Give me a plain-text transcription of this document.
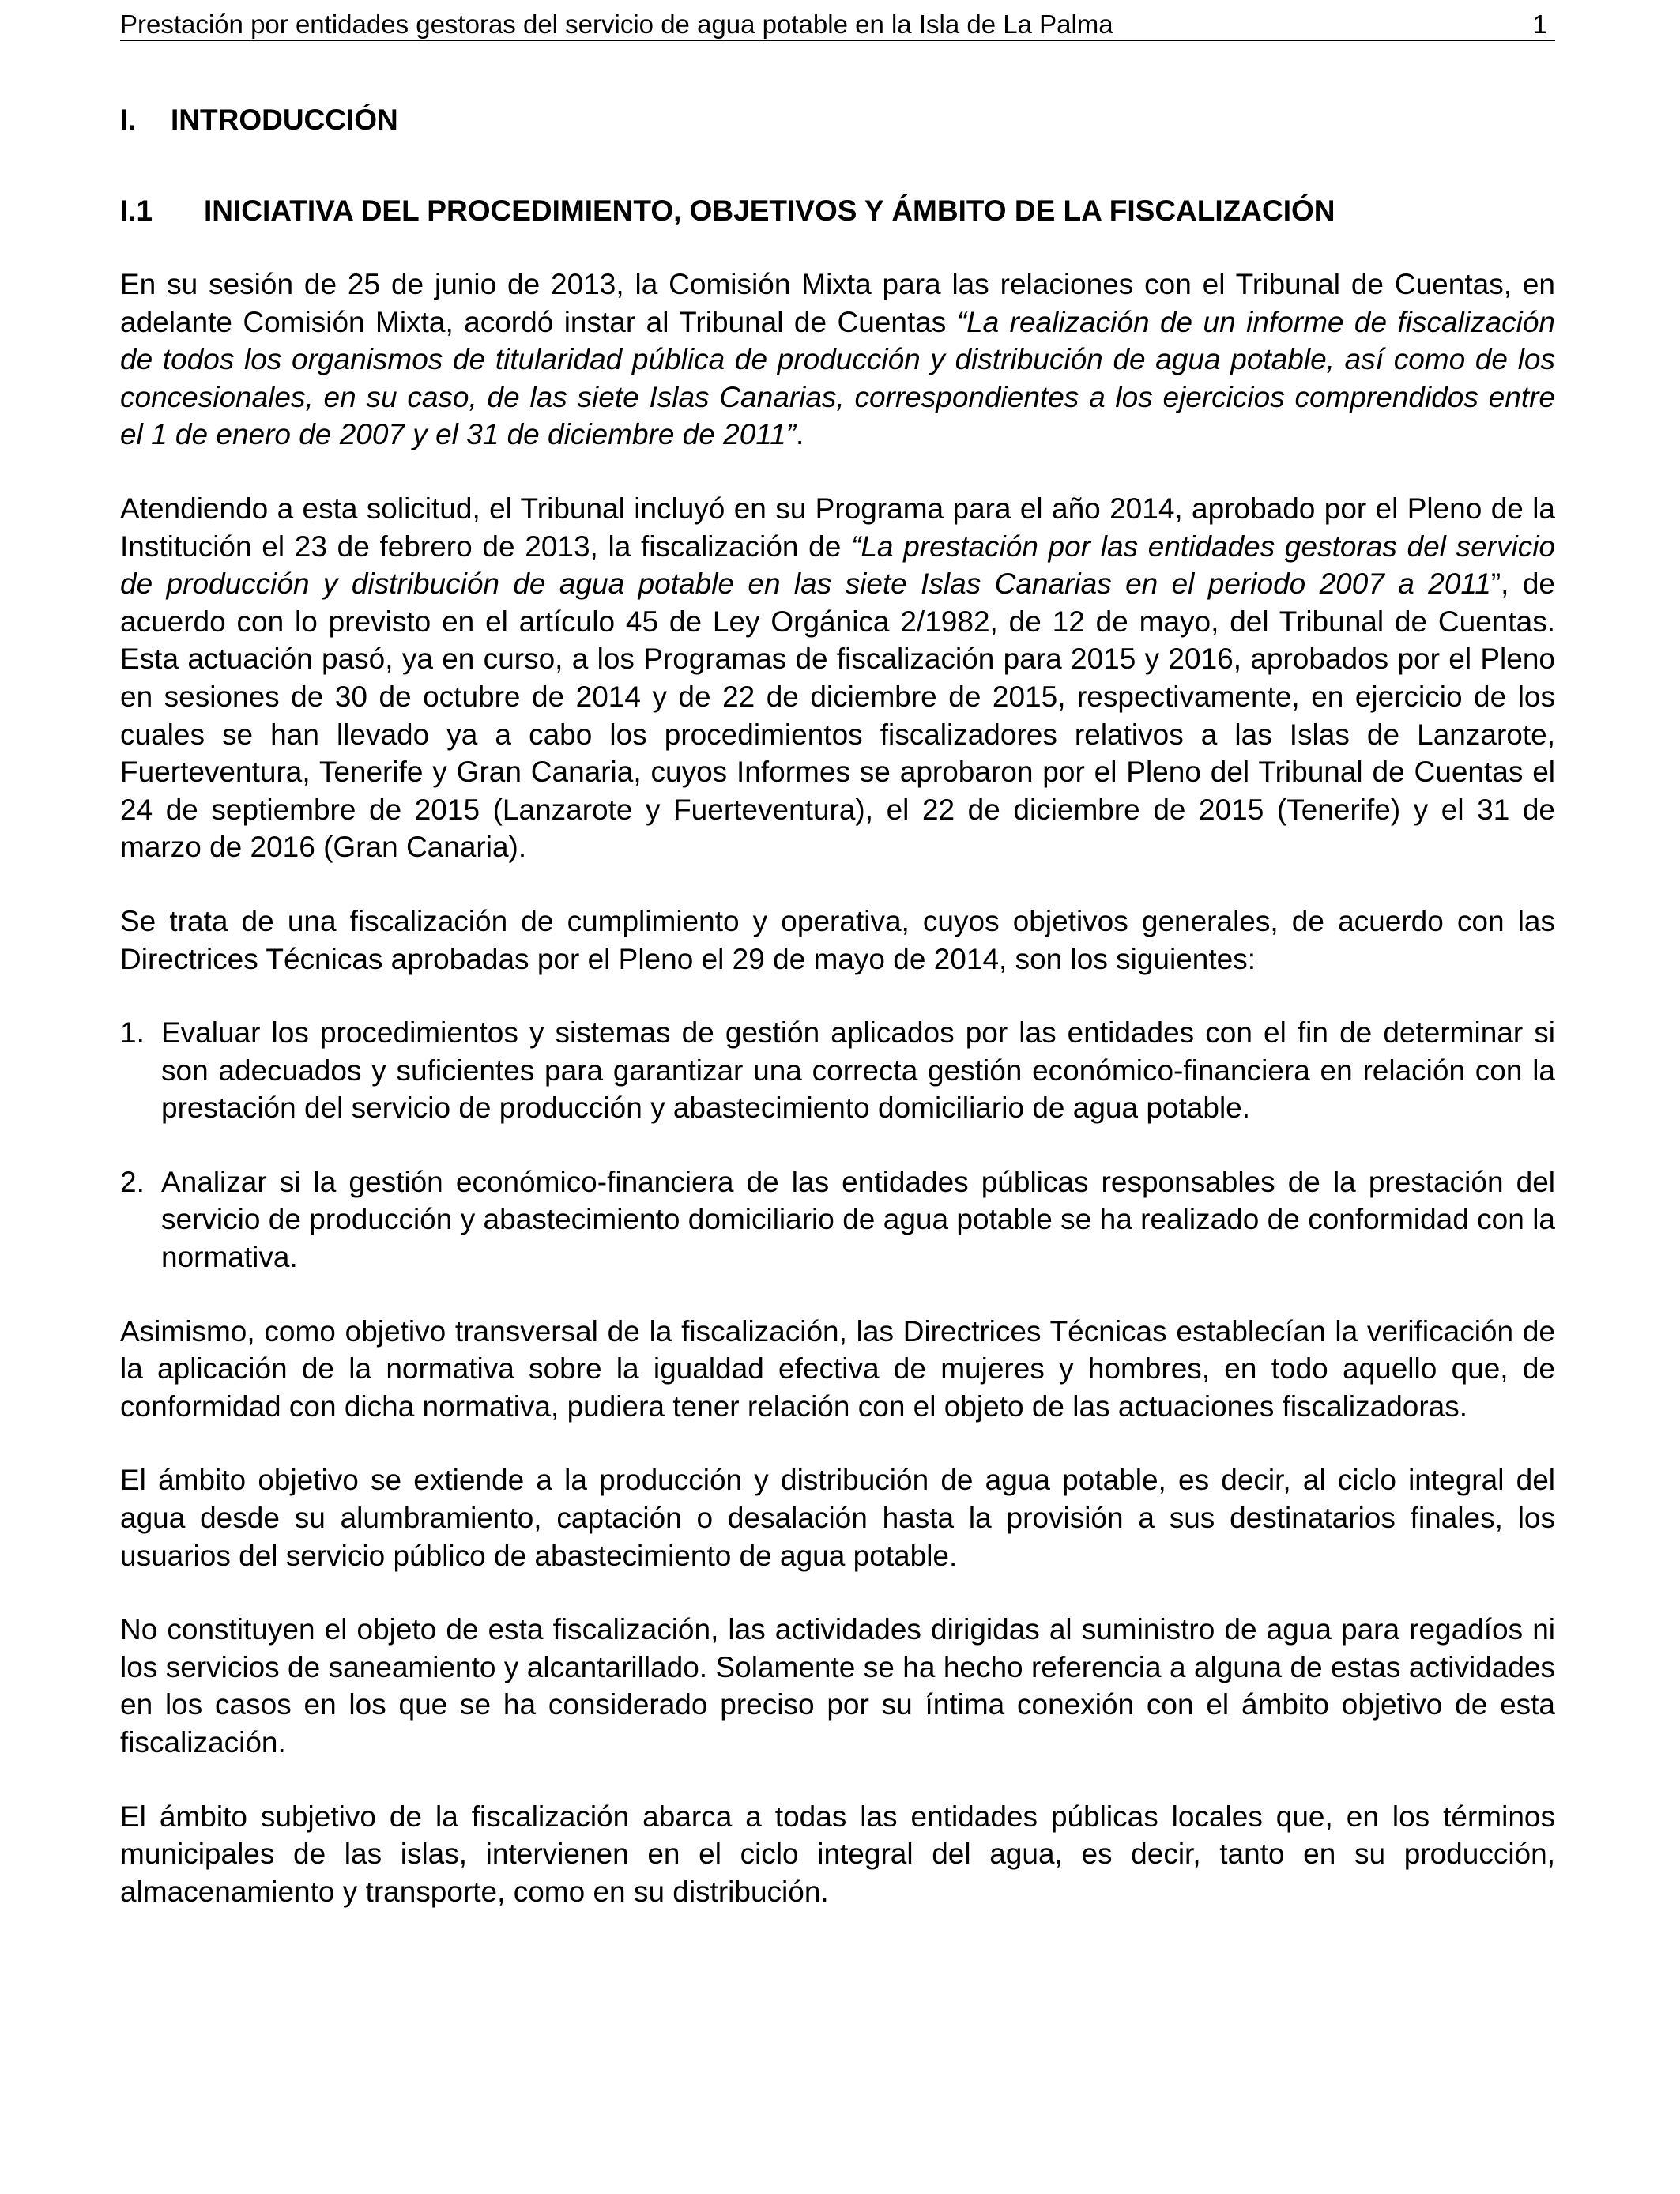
Prestación por entidades gestoras del servicio de agua potable en la Isla de La Palma	1
I. INTRODUCCIÓN
I.1 INICIATIVA DEL PROCEDIMIENTO, OBJETIVOS Y ÁMBITO DE LA FISCALIZACIÓN

En su sesión de 25 de junio de 2013, la Comisión Mixta para las relaciones con el Tribunal de Cuentas, en adelante Comisión Mixta, acordó instar al Tribunal de Cuentas “La realización de un informe de fiscalización de todos los organismos de titularidad pública de producción y distribución de agua potable, así como de los concesionales, en su caso, de las siete Islas Canarias, correspondientes a los ejercicios comprendidos entre el 1 de enero de 2007 y el 31 de diciembre de 2011”.

Atendiendo a esta solicitud, el Tribunal incluyó en su Programa para el año 2014, aprobado por el Pleno de la Institución el 23 de febrero de 2013, la fiscalización de “La prestación por las entidades gestoras del servicio de producción y distribución de agua potable en las siete Islas Canarias en el periodo 2007 a 2011”, de acuerdo con lo previsto en el artículo 45 de Ley Orgánica 2/1982, de 12 de mayo, del Tribunal de Cuentas. Esta actuación pasó, ya en curso, a los Programas de fiscalización para 2015 y 2016, aprobados por el Pleno en sesiones de 30 de octubre de 2014 y de 22 de diciembre de 2015, respectivamente, en ejercicio de los cuales se han llevado ya a cabo los procedimientos fiscalizadores relativos a las Islas de Lanzarote, Fuerteventura, Tenerife y Gran Canaria, cuyos Informes se aprobaron por el Pleno del Tribunal de Cuentas el 24 de septiembre de 2015 (Lanzarote y Fuerteventura), el 22 de diciembre de 2015 (Tenerife) y el 31 de marzo de 2016 (Gran Canaria).

Se trata de una fiscalización de cumplimiento y operativa, cuyos objetivos generales, de acuerdo con las Directrices Técnicas aprobadas por el Pleno el 29 de mayo de 2014, son los siguientes:

1. Evaluar los procedimientos y sistemas de gestión aplicados por las entidades con el fin de determinar si son adecuados y suficientes para garantizar una correcta gestión económico-financiera en relación con la prestación del servicio de producción y abastecimiento domiciliario de agua potable.
2. Analizar si la gestión económico-financiera de las entidades públicas responsables de la prestación del servicio de producción y abastecimiento domiciliario de agua potable se ha realizado de conformidad con la normativa.

Asimismo, como objetivo transversal de la fiscalización, las Directrices Técnicas establecían la verificación de la aplicación de la normativa sobre la igualdad efectiva de mujeres y hombres, en todo aquello que, de conformidad con dicha normativa, pudiera tener relación con el objeto de las actuaciones fiscalizadoras.

El ámbito objetivo se extiende a la producción y distribución de agua potable, es decir, al ciclo integral del agua desde su alumbramiento, captación o desalación hasta la provisión a sus destinatarios finales, los usuarios del servicio público de abastecimiento de agua potable.

No constituyen el objeto de esta fiscalización, las actividades dirigidas al suministro de agua para regadíos ni los servicios de saneamiento y alcantarillado. Solamente se ha hecho referencia a alguna de estas actividades en los casos en los que se ha considerado preciso por su íntima conexión con el ámbito objetivo de esta fiscalización.

El ámbito subjetivo de la fiscalización abarca a todas las entidades públicas locales que, en los términos municipales de las islas, intervienen en el ciclo integral del agua, es decir, tanto en su producción, almacenamiento y transporte, como en su distribución.
